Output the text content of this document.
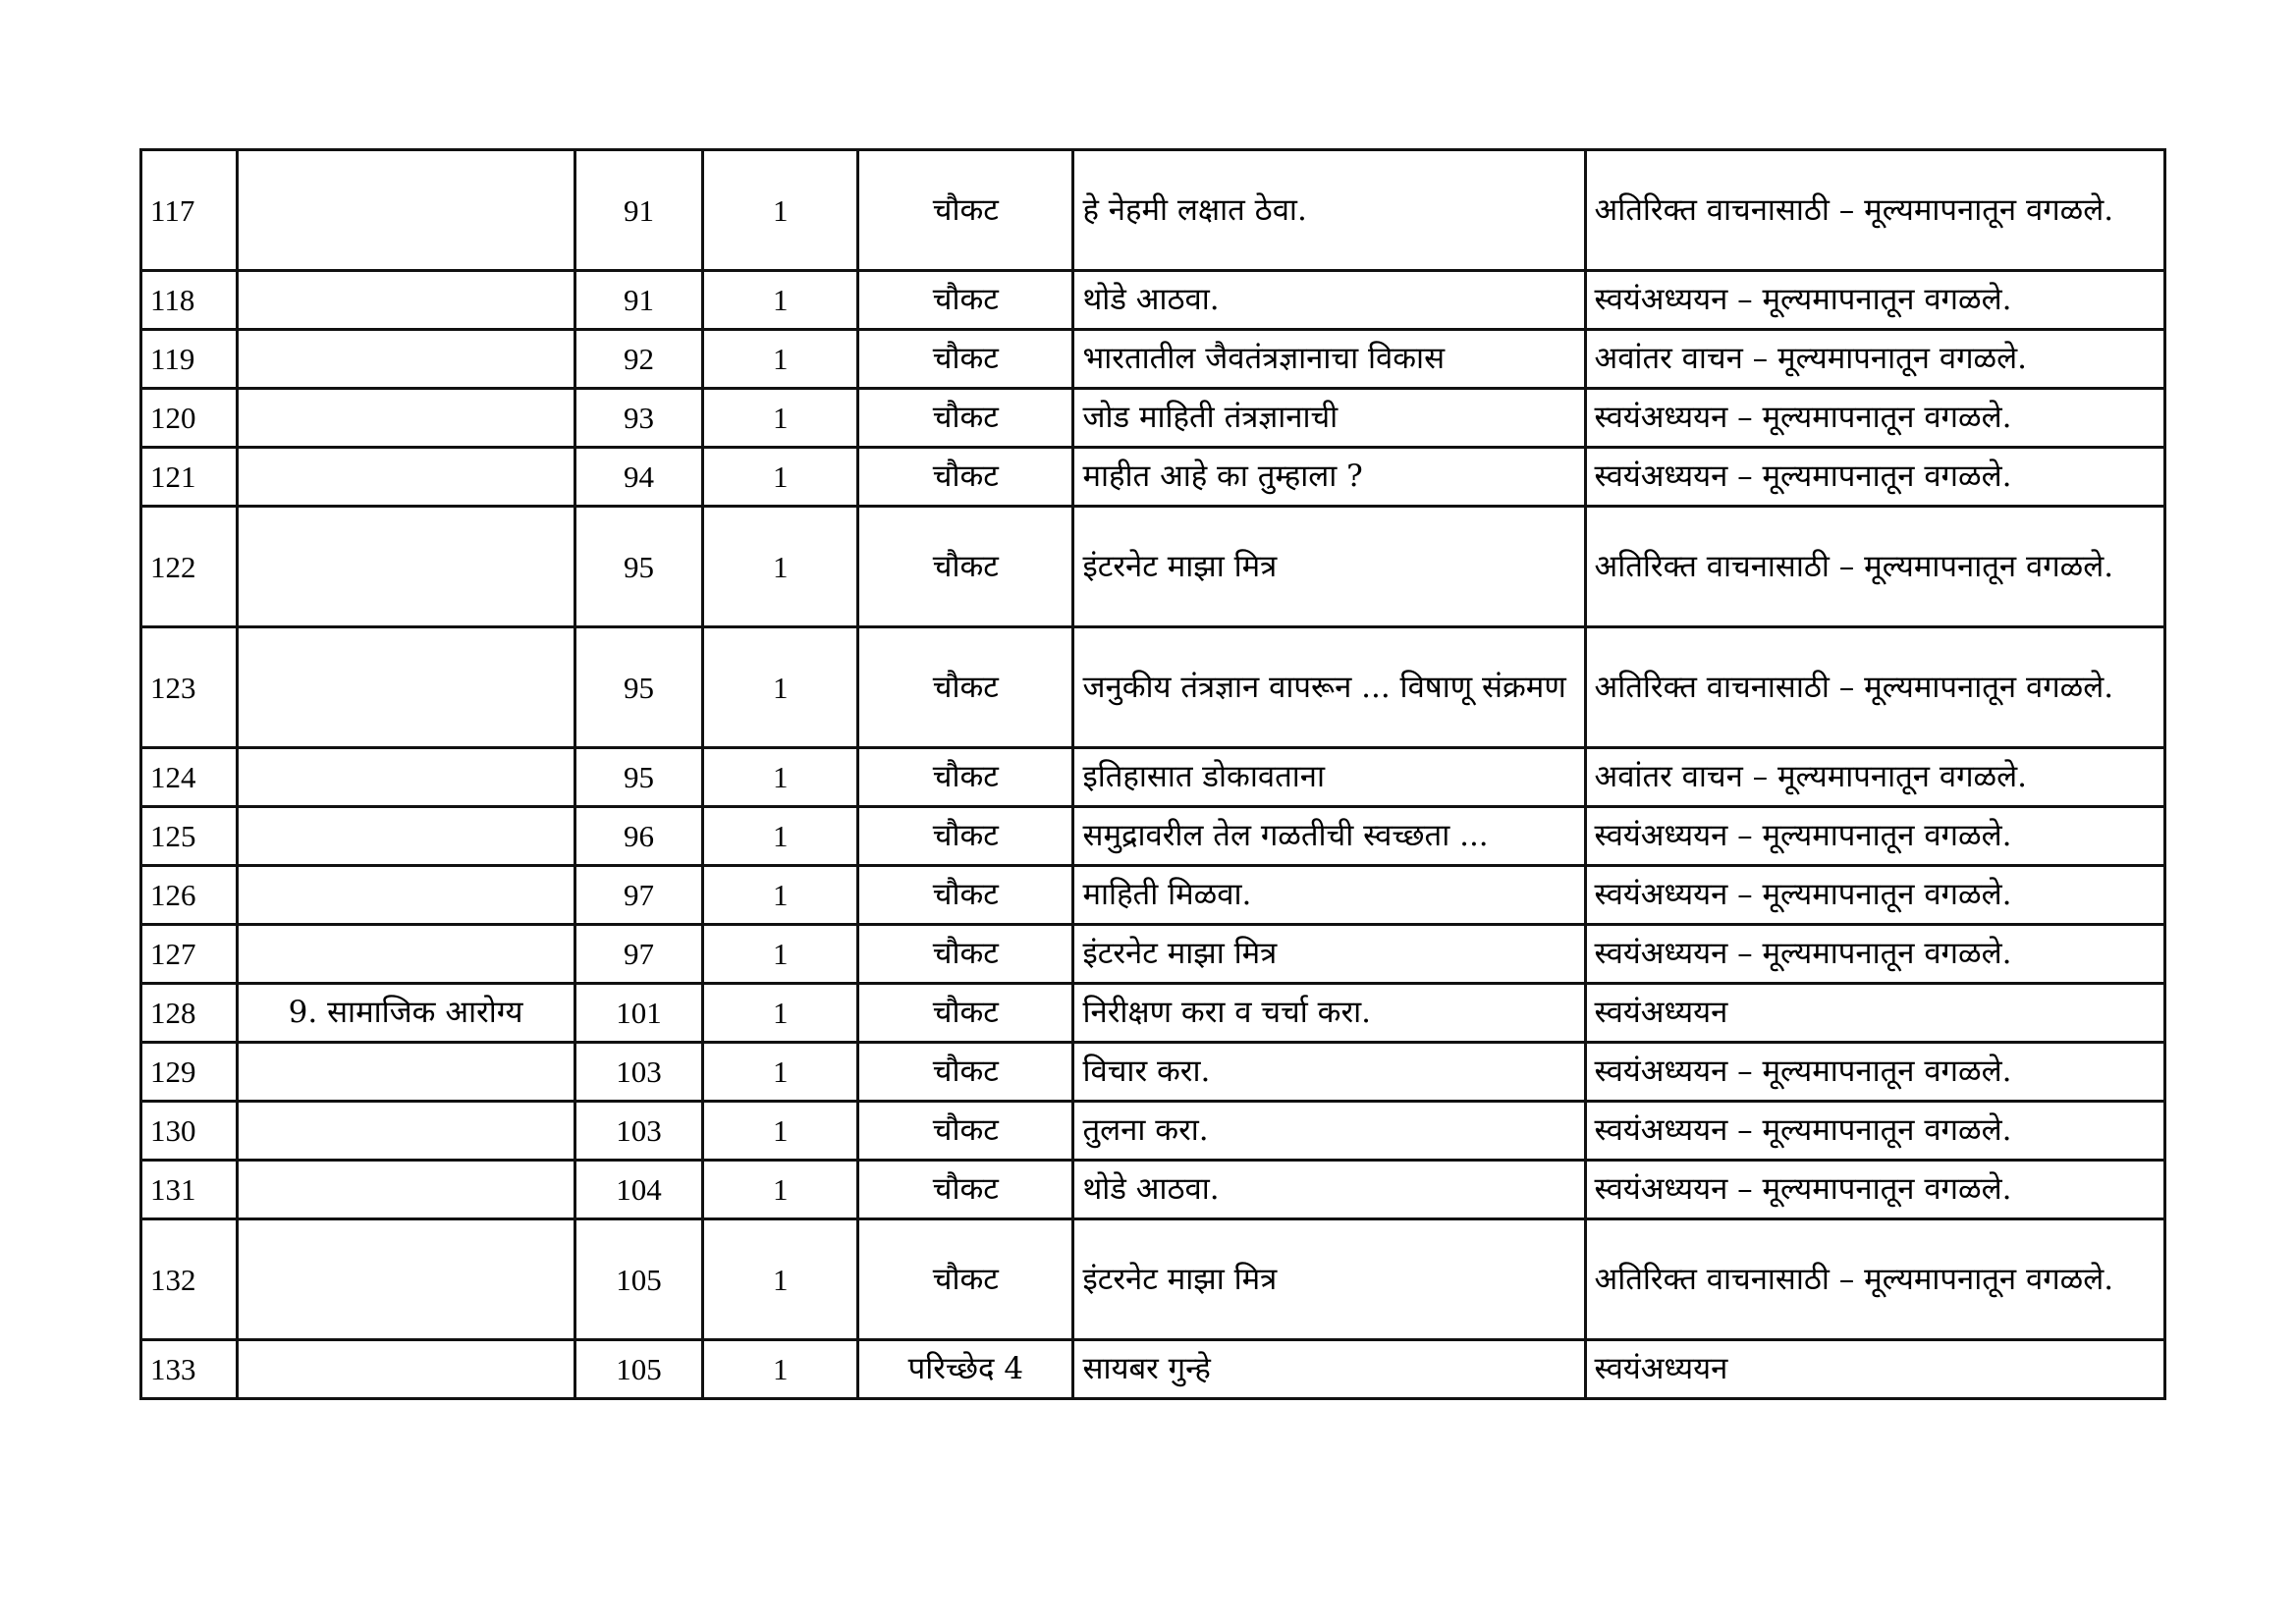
117		91	1	चौकट	हे नेहमी लक्षात ठेवा.	अतिरिक्त वाचनासाठी – मूल्यमापनातून वगळले.
118		91	1	चौकट	थोडे आठवा.	स्वयंअध्ययन – मूल्यमापनातून वगळले.
119		92	1	चौकट	भारतातील जैवतंत्रज्ञानाचा विकास	अवांतर वाचन – मूल्यमापनातून वगळले.
120		93	1	चौकट	जोड माहिती तंत्रज्ञानाची	स्वयंअध्ययन – मूल्यमापनातून वगळले.
121		94	1	चौकट	माहीत आहे का तुम्हाला ?	स्वयंअध्ययन – मूल्यमापनातून वगळले.
122		95	1	चौकट	इंटरनेट माझा मित्र	अतिरिक्त वाचनासाठी – मूल्यमापनातून वगळले.
123		95	1	चौकट	जनुकीय तंत्रज्ञान वापरून ... विषाणू संक्रमण	अतिरिक्त वाचनासाठी – मूल्यमापनातून वगळले.
124		95	1	चौकट	इतिहासात डोकावताना	अवांतर वाचन – मूल्यमापनातून वगळले.
125		96	1	चौकट	समुद्रावरील तेल गळतीची स्वच्छता ...	स्वयंअध्ययन – मूल्यमापनातून वगळले.
126		97	1	चौकट	माहिती मिळवा.	स्वयंअध्ययन – मूल्यमापनातून वगळले.
127		97	1	चौकट	इंटरनेट माझा मित्र	स्वयंअध्ययन – मूल्यमापनातून वगळले.
128	9. सामाजिक आरोग्य	101	1	चौकट	निरीक्षण करा व चर्चा करा.	स्वयंअध्ययन
129		103	1	चौकट	विचार करा.	स्वयंअध्ययन – मूल्यमापनातून वगळले.
130		103	1	चौकट	तुलना करा.	स्वयंअध्ययन – मूल्यमापनातून वगळले.
131		104	1	चौकट	थोडे आठवा.	स्वयंअध्ययन – मूल्यमापनातून वगळले.
132		105	1	चौकट	इंटरनेट माझा मित्र	अतिरिक्त वाचनासाठी – मूल्यमापनातून वगळले.
133		105	1	परिच्छेद 4	सायबर गुन्हे	स्वयंअध्ययन
